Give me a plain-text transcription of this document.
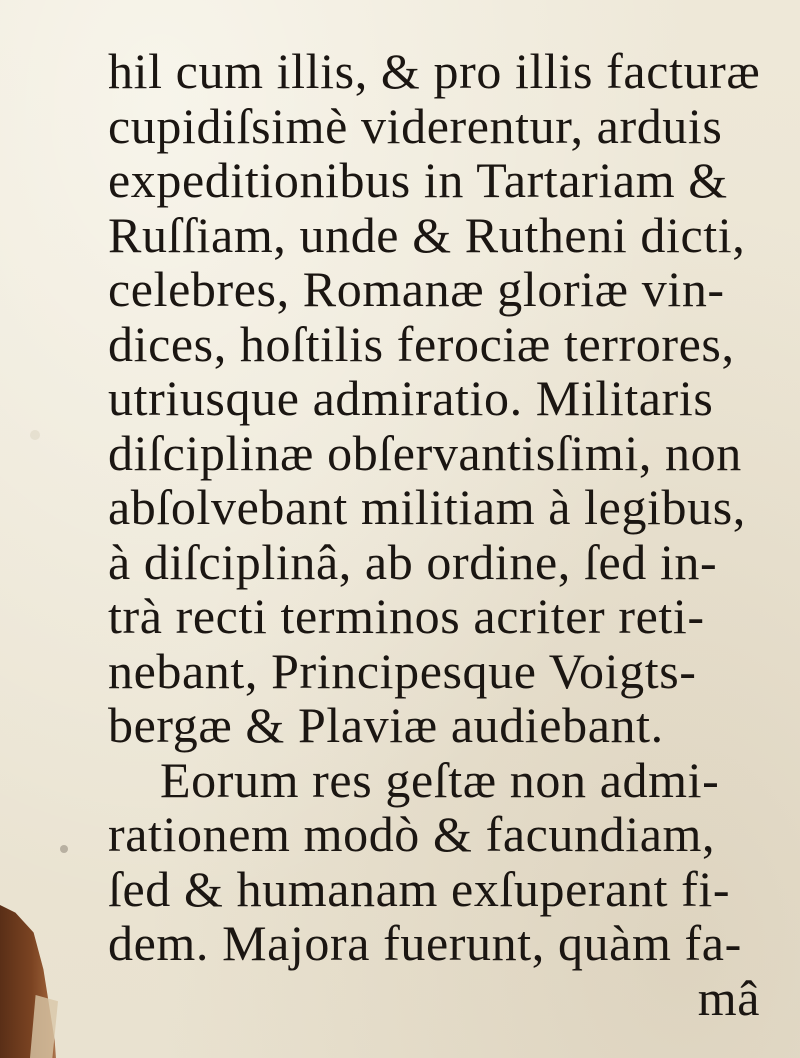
hil cum illis, & pro illis facturæ
cupidiſsimè viderentur, arduis
expeditionibus in Tartariam &
Ruſſiam, unde & Rutheni dicti,
celebres, Romanæ gloriæ vin-
dices, hoſtilis ferociæ terrores,
utriusque admiratio. Militaris
diſciplinæ obſervantisſimi, non
abſolvebant militiam à legibus,
à diſciplinâ, ab ordine, ſed in-
trà recti terminos acriter reti-
nebant, Principesque Voigts-
bergæ & Plaviæ audiebant.
Eorum res geſtæ non admi-
rationem modò & facundiam,
ſed & humanam exſuperant fi-
dem. Majora fuerunt, quàm fa-
mâ
